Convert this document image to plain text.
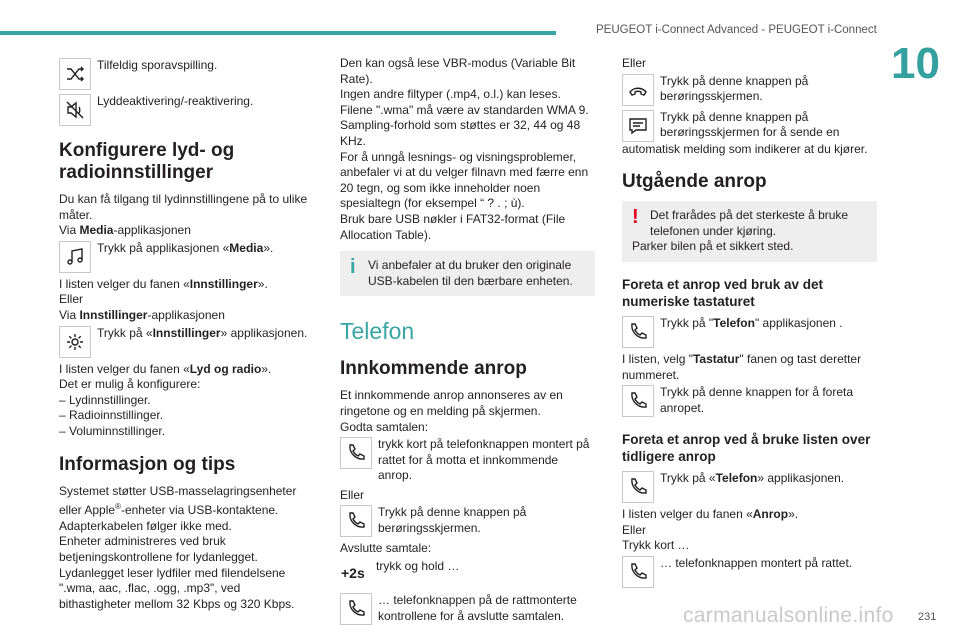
PEUGEOT i-Connect Advanced - PEUGEOT i-Connect
10
Tilfeldig sporavspilling.
Lyddeaktivering/-reaktivering.
Konfigurere lyd- og radioinnstillinger

Du kan få tilgang til lydinnstillingene på to ulike måter.

Via Media-applikasjonen

Trykk på applikasjonen «Media».

I listen velger du fanen «Innstillinger».

Eller

Via Innstillinger-applikasjonen

Trykk på «Innstillinger» applikasjonen.

I listen velger du fanen «Lyd og radio».

Det er mulig å konfigurere:

– Lydinnstillinger.

– Radioinnstillinger.

– Voluminnstillinger.

Informasjon og tips

Systemet støtter USB-masselagringsenheter eller Apple®-enheter via USB-kontaktene.

Adapterkabelen følger ikke med.

Enheter administreres ved bruk betjeningskontrollene for lydanlegget.

Lydanlegget leser lydfiler med filendelsene ".wma, aac, .flac, .ogg, .mp3", ved bithastigheter mellom 32 Kbps og 320 Kbps.

Den kan også lese VBR-modus (Variable Bit Rate).

Ingen andre filtyper (.mp4, o.l.) kan leses.

Filene ".wma" må være av standarden WMA 9.

Sampling-forhold som støttes er 32, 44 og 48 KHz.

For å unngå lesnings- og visningsproblemer, anbefaler vi at du velger filnavn med færre enn 20 tegn, og som ikke inneholder noen spesialtegn (for eksempel “ ? . ; ù).

Bruk bare USB nøkler i FAT32-format (File Allocation Table).

i	Vi anbefaler at du bruker den originale USB-kabelen til den bærbare enheten.
Telefon
Innkommende anrop

Et innkommende anrop annonseres av en ringetone og en melding på skjermen.

Godta samtalen:

trykk kort på telefonknappen montert på rattet for å motta et innkommende anrop.

Eller

Trykk på denne knappen på berøringsskjermen.

Avslutte samtale:

+2s trykk og hold …
… telefonknappen på de rattmonterte kontrollene for å avslutte samtalen.

Eller

Trykk på denne knappen på berøringsskjermen.
Trykk på denne knappen på berøringsskjermen for å sende en

automatisk melding som indikerer at du kjører.

Utgående anrop
! Det frarådes på det sterkeste å bruke telefonen under kjøring.
Parker bilen på et sikkert sted.
Foreta et anrop ved bruk av det numeriske tastaturet
Trykk på "Telefon" applikasjonen .

I listen, velg "Tastatur" fanen og tast deretter nummeret.

Trykk på denne knappen for å foreta anropet.
Foreta et anrop ved å bruke listen over tidligere anrop
Trykk på «Telefon» applikasjonen.

I listen velger du fanen «Anrop».

Eller

Trykk kort …

… telefonknappen montert på rattet.
carmanualsonline.info 231
